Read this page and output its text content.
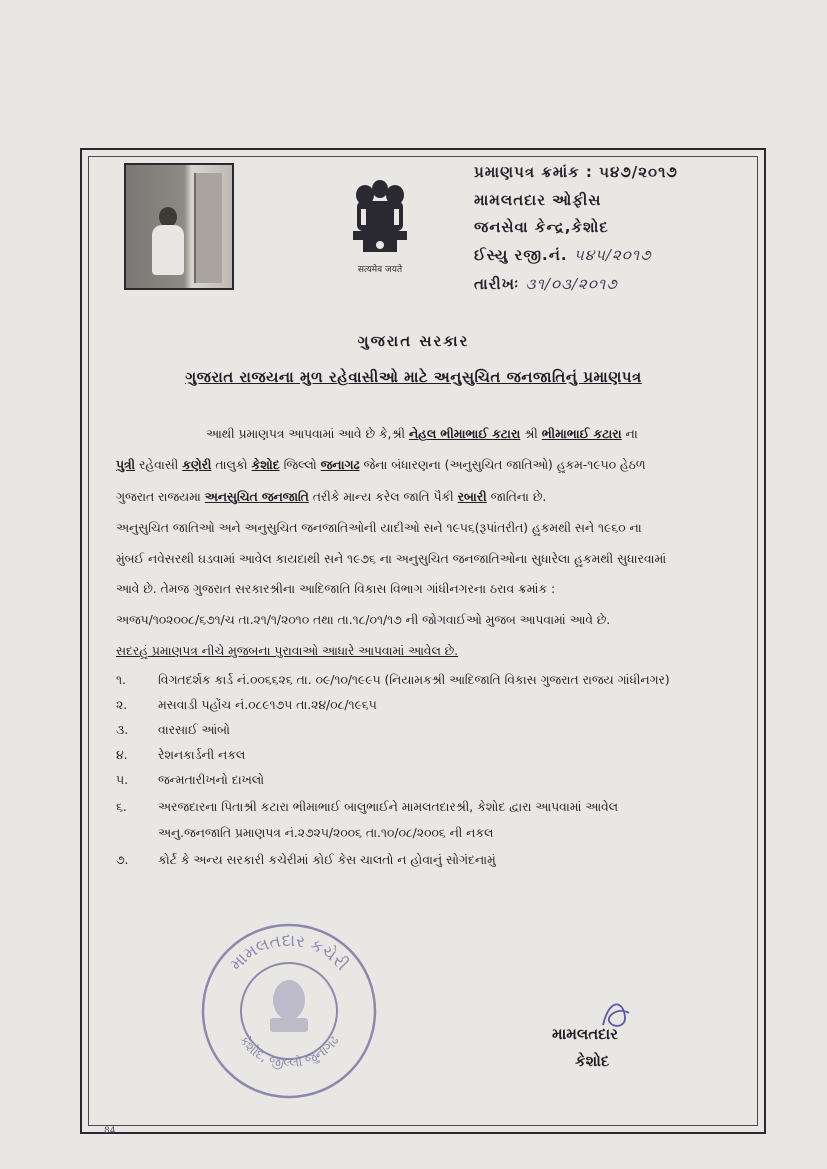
सत्यमेव जयते
પ્રમાણપત્ર ક્રમાંક : ૫૪૭/૨૦૧૭
મામલતદાર ઓફીસ
જનસેવા કેન્દ્ર,કેશોદ
ઈસ્યુ રજી.નં. ૫૪૫/૨૦૧૭
તારીખઃ ૩૧/૦૩/૨૦૧૭
ગુજરાત સરકાર
ગુજરાત રાજયના મુળ રહેવાસીઓ માટે અનુસુચિત જનજાતિનું પ્રમાણપત્ર
આથી પ્રમાણપત્ર આપવામાં આવે છે કે,શ્રી નેહલ ભીમાભાઈ કટારા શ્રી ભીમાભાઈ કટારા ના
પુત્રી રહેવાસી કણેરી તાલુકો કેશોદ જિલ્લો જનાગઢ જેના બંધારણના (અનુસુચિત જાતિઓ) હુકમ-૧૯૫૦ હેઠળ
ગુજરાત રાજયમા અનસુચિત જનજાતિ તરીકે માન્ય કરેલ જાતિ પૈકી રબારી જાતિના છે.
અનુસુચિત જાતિઓ અને અનુસુચિત જનજાતિઓની યાદીઓ સને ૧૯૫૬(રૂપાંતરીત) હુકમથી સને ૧૯૬૦ ના
મુંબઈ નવેસરથી ઘડવામાં આવેલ કાયદાથી સને ૧૯૭૬ ના અનુસુચિત જનજાતિઓના સુધારેલા હુકમથી સુધારવામાં
આવે છે. તેમજ ગુજરાત સરકારશ્રીના આદિજાતિ વિકાસ વિભાગ ગાંધીનગરના ઠરાવ ક્રમાંક :
અજપ/૧૦૨૦૦૮/૬૭૧/ચ તા.૨૧/૧/૨૦૧૦ તથા તા.૧૮/૦૧/૧૭ ની જોગવાઈઓ મુજબ આપવામાં આવે છે.
સદરહું પ્રમાણપત્ર નીચે મુજબના પુરાવાઓ આધારે આપવામાં આવેલ છે.
૧.	વિગતદર્શક કાર્ડ નં.૦૦૬૬૨૬ તા. ૦૯/૧૦/૧૯૯૫ (નિયામકશ્રી આદિજાતિ વિકાસ ગુજરાત રાજય ગાંધીનગર)
૨.	મસવાડી પહોંચ નં.૦૮૯૧૭૫ તા.૨૪/૦૮/૧૯૬૫
૩. વારસાઈ આંબો
૪. રેશનકાર્ડની નકલ
૫. જન્મતારીખનો દાખલો
૬.	અરજદારના પિતાશ્રી કટારા ભીમાભાઈ બાલુભાઈને મામલતદારશ્રી, કેશોદ દ્વારા આપવામાં આવેલ
અનુ.જનજાતિ પ્રમાણપત્ર નં.૨૭૨૫/૨૦૦૬ તા.૧૦/૦૮/૨૦૦૬ ની નકલ
૭. કોર્ટ કે અન્ય સરકારી કચેરીમાં કોઈ કેસ ચાલતો ન હોવાનું સોગંદનામું
મામલતદાર કચેરી
કેશોદ, જીલ્લો જુનાગઢ	મામલતદાર
કેશોદ
84
